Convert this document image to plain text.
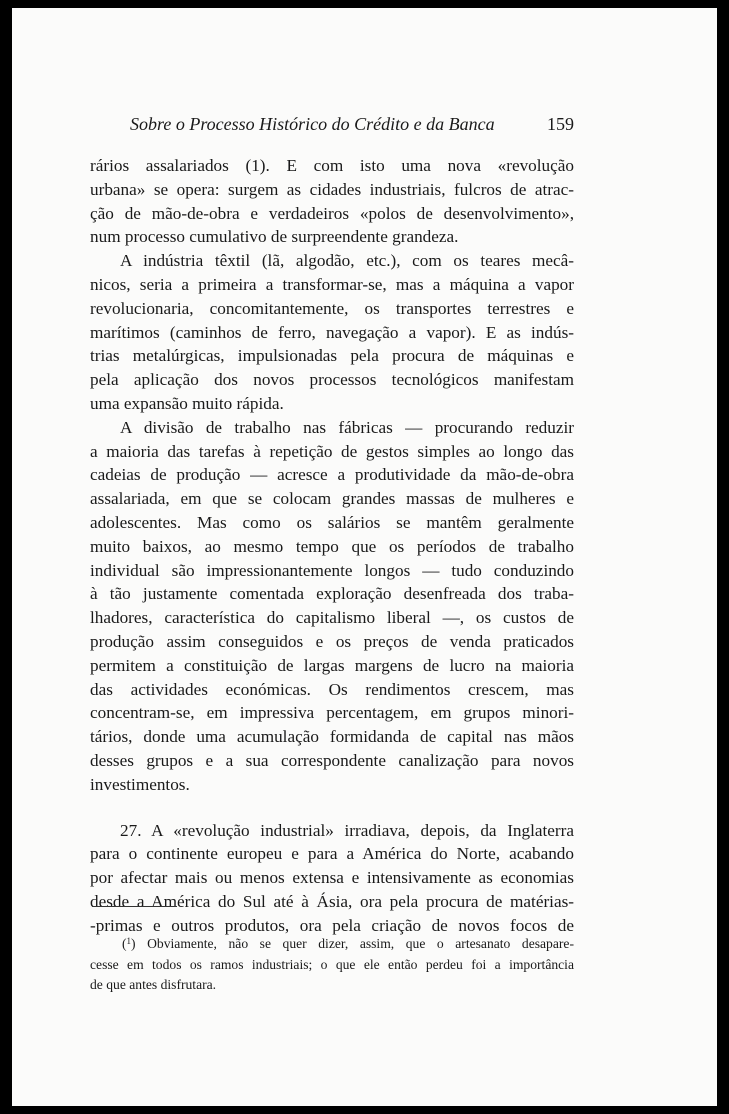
Sobre o Processo Histórico do Crédito e da Banca	159
rários assalariados (1). E com isto uma nova «revolução
urbana» se opera: surgem as cidades industriais, fulcros de atrac-
ção de mão-de-obra e verdadeiros «polos de desenvolvimento»,
num processo cumulativo de surpreendente grandeza.
A indústria têxtil (lã, algodão, etc.), com os teares mecâ-
nicos, seria a primeira a transformar-se, mas a máquina a vapor
revolucionaria, concomitantemente, os transportes terrestres e
marítimos (caminhos de ferro, navegação a vapor). E as indús-
trias metalúrgicas, impulsionadas pela procura de máquinas e
pela aplicação dos novos processos tecnológicos manifestam
uma expansão muito rápida.
A divisão de trabalho nas fábricas — procurando reduzir
a maioria das tarefas à repetição de gestos simples ao longo das
cadeias de produção — acresce a produtividade da mão-de-obra
assalariada, em que se colocam grandes massas de mulheres e
adolescentes. Mas como os salários se mantêm geralmente
muito baixos, ao mesmo tempo que os períodos de trabalho
individual são impressionantemente longos — tudo conduzindo
à tão justamente comentada exploração desenfreada dos traba-
lhadores, característica do capitalismo liberal —, os custos de
produção assim conseguidos e os preços de venda praticados
permitem a constituição de largas margens de lucro na maioria
das actividades económicas. Os rendimentos crescem, mas
concentram-se, em impressiva percentagem, em grupos minori-
tários, donde uma acumulação formidanda de capital nas mãos
desses grupos e a sua correspondente canalização para novos
investimentos.
27. A «revolução industrial» irradiava, depois, da Inglaterra
para o continente europeu e para a América do Norte, acabando
por afectar mais ou menos extensa e intensivamente as economias
desde a América do Sul até à Ásia, ora pela procura de matérias-
-primas e outros produtos, ora pela criação de novos focos de
($^1$) Obviamente, não se quer dizer, assim, que o artesanato desapare-
cesse em todos os ramos industriais; o que ele então perdeu foi a importância
de que antes disfrutara.
